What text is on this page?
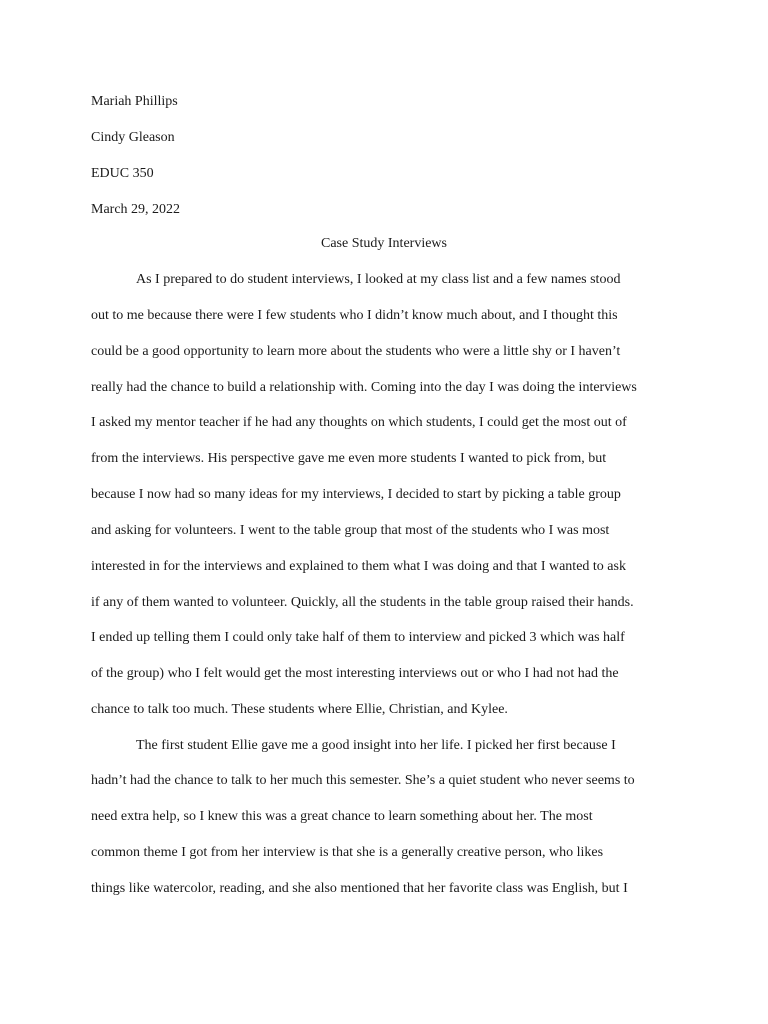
Mariah Phillips
Cindy Gleason
EDUC 350
March 29, 2022
Case Study Interviews
As I prepared to do student interviews, I looked at my class list and a few names stood
out to me because there were I few students who I didn’t know much about, and I thought this
could be a good opportunity to learn more about the students who were a little shy or I haven’t
really had the chance to build a relationship with. Coming into the day I was doing the interviews
I asked my mentor teacher if he had any thoughts on which students, I could get the most out of
from the interviews. His perspective gave me even more students I wanted to pick from, but
because I now had so many ideas for my interviews, I decided to start by picking a table group
and asking for volunteers. I went to the table group that most of the students who I was most
interested in for the interviews and explained to them what I was doing and that I wanted to ask
if any of them wanted to volunteer. Quickly, all the students in the table group raised their hands.
I ended up telling them I could only take half of them to interview and picked 3 which was half
of the group) who I felt would get the most interesting interviews out or who I had not had the
chance to talk too much. These students where Ellie, Christian, and Kylee.
The first student Ellie gave me a good insight into her life. I picked her first because I
hadn’t had the chance to talk to her much this semester. She’s a quiet student who never seems to
need extra help, so I knew this was a great chance to learn something about her. The most
common theme I got from her interview is that she is a generally creative person, who likes
things like watercolor, reading, and she also mentioned that her favorite class was English, but I
